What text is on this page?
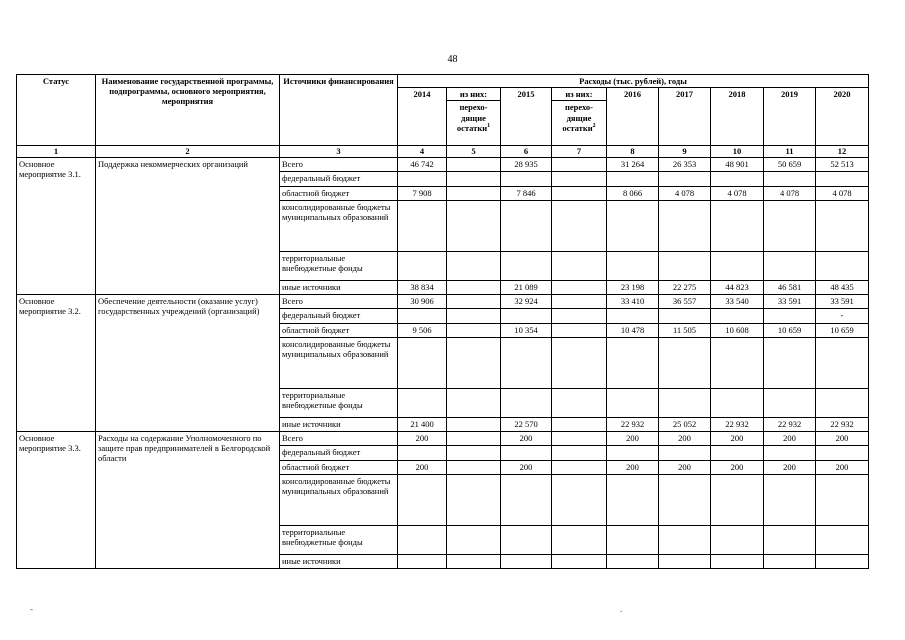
48
Статус	Наименование государственной программы, подпрограммы, основного мероприятия, мероприятия	Источники финансирования	Расходы (тыс. рублей), годы								
			2014	из них:	2015	из них:	2016	2017	2018	2019	2020
				перехо-дящие остатки$^1$		перехо-дящие остатки$^2$
1	2	3	4	5	6	7	8	9	10	11	12
Основное мероприятие 3.1.	Поддержка некоммерческих организаций	Всего	46 742		28 935		31 264	26 353	48 901	50 659	52 513
		федеральный бюджет									
		областной бюджет	7 908		7 846		8 066	4 078	4 078	4 078	4 078
		консолидированные бюджеты муниципальных образований									
		территориальные внебюджетные фонды									
		иные источники	38 834		21 089		23 198	22 275	44 823	46 581	48 435
Основное мероприятие 3.2.	Обеспечение деятельности (оказание услуг) государственных учреждений (организаций)	Всего	30 906		32 924		33 410	36 557	33 540	33 591	33 591
		федеральный бюджет									-
		областной бюджет	9 506		10 354		10 478	11 505	10 608	10 659	10 659
		консолидированные бюджеты муниципальных образований									
		территориальные внебюджетные фонды									
		иные источники	21 400		22 570		22 932	25 052	22 932	22 932	22 932
Основное мероприятие 3.3.	Расходы на содержание Уполномоченного по защите прав предпринимателей в Белгородской области	Всего	200		200		200	200	200	200	200
		федеральный бюджет									
		областной бюджет	200		200		200	200	200	200	200
		консолидированные бюджеты муниципальных образований									
		территориальные внебюджетные фонды									
		иные источники									
-	.
